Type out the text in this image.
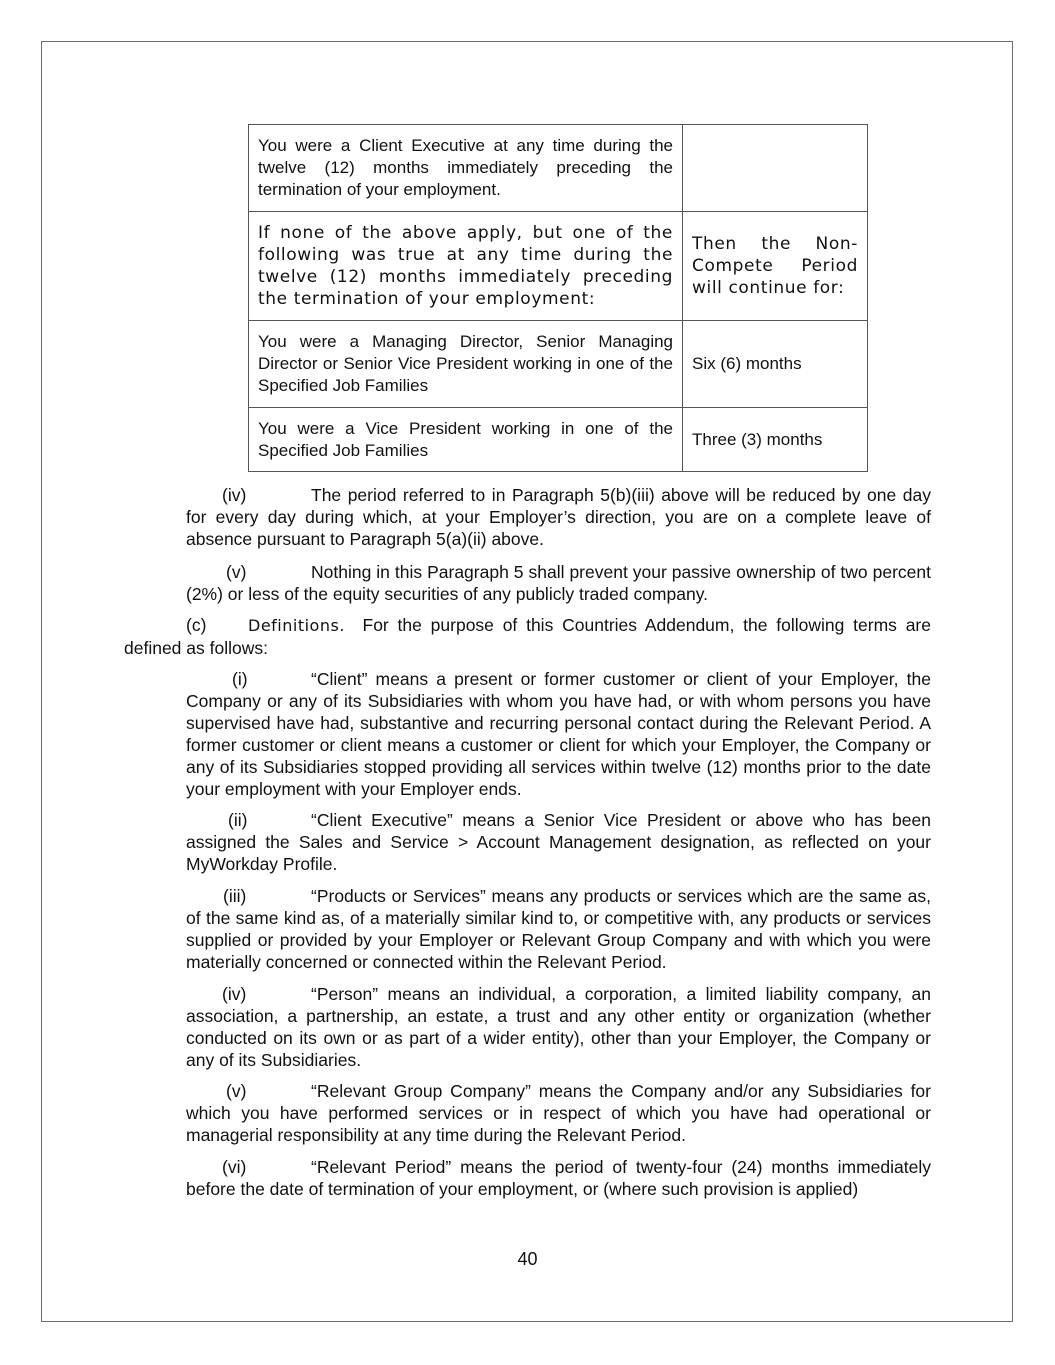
You were a Client Executive at any time during the twelve (12) months immediately preceding the termination of your employment.	
If none of the above apply, but one of the following was true at any time during the twelve (12) months immediately preceding the termination of your employment:	Then the Non-Compete Period will continue for:
You were a Managing Director, Senior Managing Director or Senior Vice President working in one of the Specified Job Families	Six (6) months
You were a Vice President working in one of the Specified Job Families	Three (3) months

(iv)	The period referred to in Paragraph 5(b)(iii) above will be reduced by one day for every day during which, at your Employer’s direction, you are on a complete leave of absence pursuant to Paragraph 5(a)(ii) above.

(v)	Nothing in this Paragraph 5 shall prevent your passive ownership of two percent (2%) or less of the equity securities of any publicly traded company.

(c)	Definitions. For the purpose of this Countries Addendum, the following terms are defined as follows:

(i)	“Client” means a present or former customer or client of your Employer, the Company or any of its Subsidiaries with whom you have had, or with whom persons you have supervised have had, substantive and recurring personal contact during the Relevant Period. A former customer or client means a customer or client for which your Employer, the Company or any of its Subsidiaries stopped providing all services within twelve (12) months prior to the date your employment with your Employer ends.

(ii)	“Client Executive” means a Senior Vice President or above who has been assigned the Sales and Service > Account Management designation, as reflected on your MyWorkday Profile.

(iii)	“Products or Services” means any products or services which are the same as, of the same kind as, of a materially similar kind to, or competitive with, any products or services supplied or provided by your Employer or Relevant Group Company and with which you were materially concerned or connected within the Relevant Period.

(iv)	“Person” means an individual, a corporation, a limited liability company, an association, a partnership, an estate, a trust and any other entity or organization (whether conducted on its own or as part of a wider entity), other than your Employer, the Company or any of its Subsidiaries.

(v)	“Relevant Group Company” means the Company and/or any Subsidiaries for which you have performed services or in respect of which you have had operational or managerial responsibility at any time during the Relevant Period.

(vi)	“Relevant Period” means the period of twenty-four (24) months immediately before the date of termination of your employment, or (where such provision is applied)

40
